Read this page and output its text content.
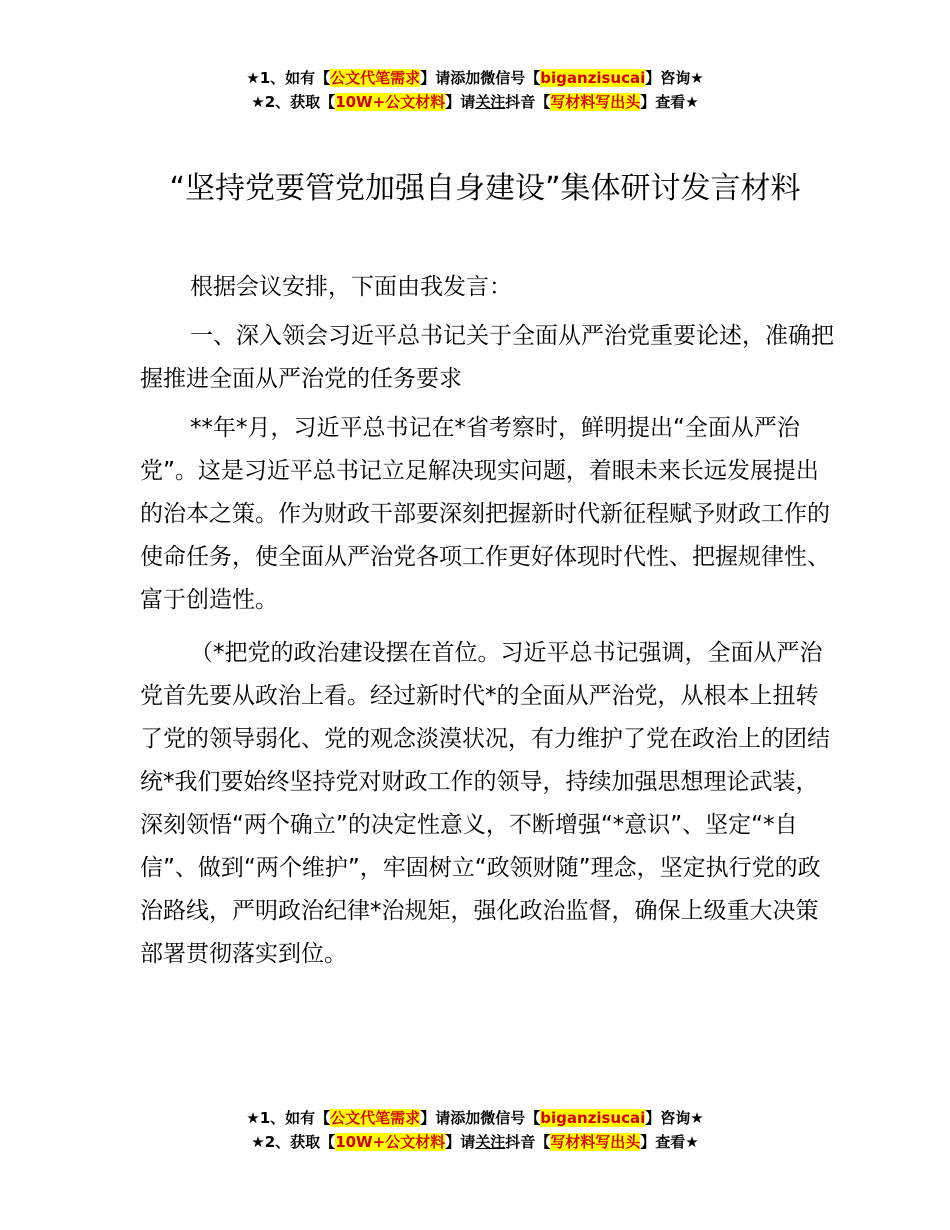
★1、如有【公文代笔需求】请添加微信号【biganzisucai】咨询★
★2、获取【10W+公文材料】请关注抖音【写材料写出头】查看★
“坚持党要管党加强自身建设”集体研讨发言材料

根据会议安排，下面由我发言：

一、深入领会习近平总书记关于全面从严治党重要论述，准确把握推进全面从严治党的任务要求

**年*月，习近平总书记在*省考察时，鲜明提出“全面从严治党”。这是习近平总书记立足解决现实问题，着眼未来长远发展提出的治本之策。作为财政干部要深刻把握新时代新征程赋予财政工作的使命任务，使全面从严治党各项工作更好体现时代性、把握规律性、富于创造性。

（*把党的政治建设摆在首位。习近平总书记强调，全面从严治党首先要从政治上看。经过新时代*的全面从严治党，从根本上扭转了党的领导弱化、党的观念淡漠状况，有力维护了党在政治上的团结统*我们要始终坚持党对财政工作的领导，持续加强思想理论武装，深刻领悟“两个确立”的决定性意义，不断增强“*意识”、坚定“*自信”、做到“两个维护”，牢固树立“政领财随”理念，坚定执行党的政治路线，严明政治纪律*治规矩，强化政治监督，确保上级重大决策部署贯彻落实到位。

★1、如有【公文代笔需求】请添加微信号【biganzisucai】咨询★
★2、获取【10W+公文材料】请关注抖音【写材料写出头】查看★
